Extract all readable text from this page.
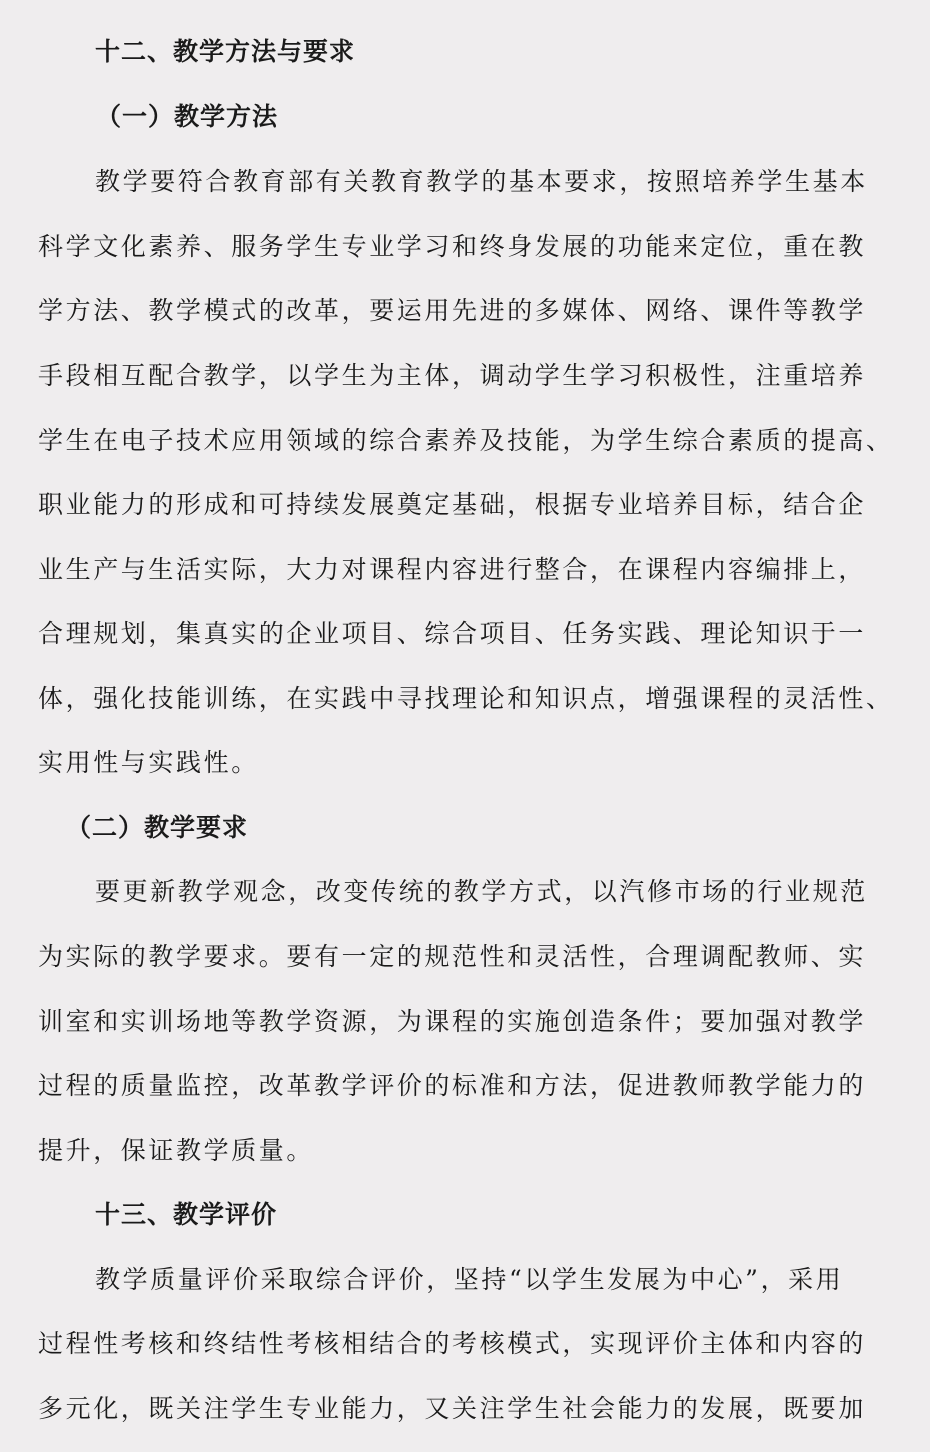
十二、教学方法与要求
（一）教学方法
教学要符合教育部有关教育教学的基本要求，按照培养学生基本
科学文化素养、服务学生专业学习和终身发展的功能来定位，重在教
学方法、教学模式的改革，要运用先进的多媒体、网络、课件等教学
手段相互配合教学，以学生为主体，调动学生学习积极性，注重培养
学生在电子技术应用领域的综合素养及技能，为学生综合素质的提高、
职业能力的形成和可持续发展奠定基础，根据专业培养目标，结合企
业生产与生活实际，大力对课程内容进行整合，在课程内容编排上，
合理规划，集真实的企业项目、综合项目、任务实践、理论知识于一
体，强化技能训练，在实践中寻找理论和知识点，增强课程的灵活性、
实用性与实践性。
（二）教学要求
要更新教学观念，改变传统的教学方式，以汽修市场的行业规范
为实际的教学要求。要有一定的规范性和灵活性，合理调配教师、实
训室和实训场地等教学资源，为课程的实施创造条件；要加强对教学
过程的质量监控，改革教学评价的标准和方法，促进教师教学能力的
提升，保证教学质量。
十三、教学评价
教学质量评价采取综合评价，坚持“以学生发展为中心”，采用
过程性考核和终结性考核相结合的考核模式，实现评价主体和内容的
多元化，既关注学生专业能力，又关注学生社会能力的发展，既要加
